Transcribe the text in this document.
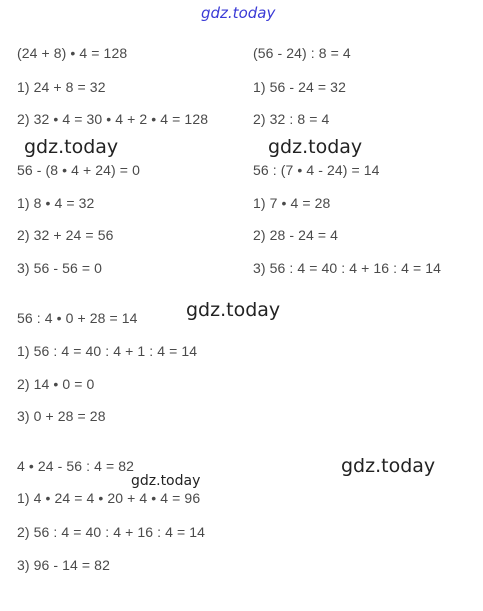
gdz.today
gdz.today	gdz.today
gdz.today
gdz.today
gdz.today
(24 + 8) • 4 = 128
1) 24 + 8 = 32
2) 32 • 4 = 30 • 4 + 2 • 4 = 128
(56 - 24) : 8 = 4
1) 56 - 24 = 32
2) 32 : 8 = 4
56 - (8 • 4 + 24) = 0
1) 8 • 4 = 32
2) 32 + 24 = 56
3) 56 - 56 = 0
56 : (7 • 4 - 24) = 14
1) 7 • 4 = 28
2) 28 - 24 = 4
3) 56 : 4 = 40 : 4 + 16 : 4 = 14
56 : 4 • 0 + 28 = 14
1) 56 : 4 = 40 : 4 + 1 : 4 = 14
2) 14 • 0 = 0
3) 0 + 28 = 28
4 • 24 - 56 : 4 = 82
1) 4 • 24 = 4 • 20 + 4 • 4 = 96
2) 56 : 4 = 40 : 4 + 16 : 4 = 14
3) 96 - 14 = 82
